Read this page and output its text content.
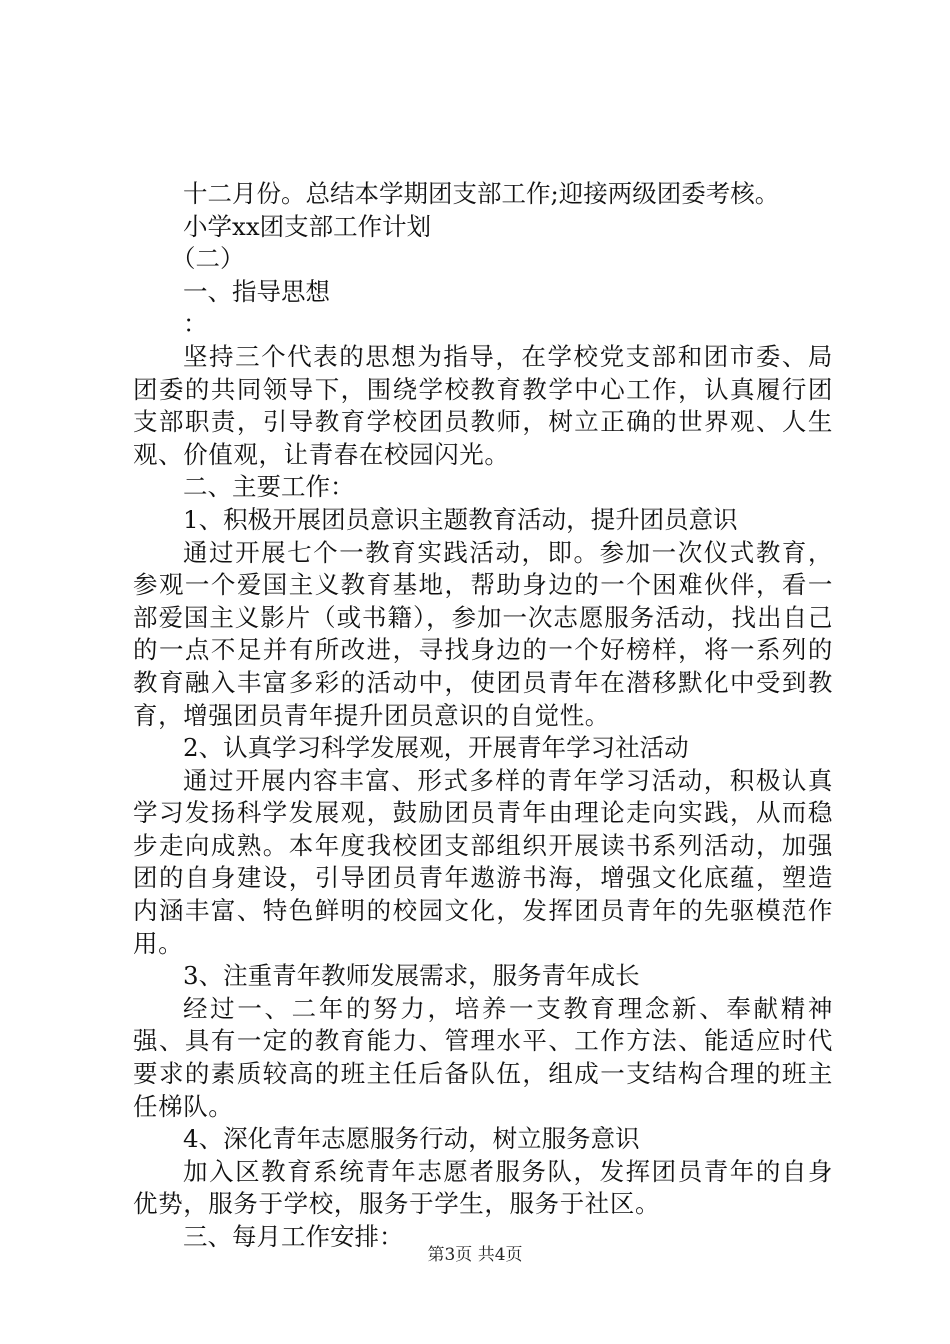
十二月份。总结本学期团支部工作;迎接两级团委考核。
小学xx团支部工作计划
（二）
一、指导思想
：
坚持三个代表的思想为指导，在学校党支部和团市委、局团委的共同领导下，围绕学校教育教学中心工作，认真履行团支部职责，引导教育学校团员教师，树立正确的世界观、人生观、价值观，让青春在校园闪光。
二、主要工作：
1、积极开展团员意识主题教育活动，提升团员意识
通过开展七个一教育实践活动，即。参加一次仪式教育，参观一个爱国主义教育基地，帮助身边的一个困难伙伴，看一部爱国主义影片（或书籍），参加一次志愿服务活动，找出自己的一点不足并有所改进，寻找身边的一个好榜样，将一系列的教育融入丰富多彩的活动中，使团员青年在潜移默化中受到教育，增强团员青年提升团员意识的自觉性。
2、认真学习科学发展观，开展青年学习社活动
通过开展内容丰富、形式多样的青年学习活动，积极认真学习发扬科学发展观，鼓励团员青年由理论走向实践，从而稳步走向成熟。本年度我校团支部组织开展读书系列活动，加强团的自身建设，引导团员青年遨游书海，增强文化底蕴，塑造内涵丰富、特色鲜明的校园文化，发挥团员青年的先驱模范作用。
3、注重青年教师发展需求，服务青年成长
经过一、二年的努力，培养一支教育理念新、奉献精神强、具有一定的教育能力、管理水平、工作方法、能适应时代要求的素质较高的班主任后备队伍，组成一支结构合理的班主任梯队。
4、深化青年志愿服务行动，树立服务意识
加入区教育系统青年志愿者服务队，发挥团员青年的自身优势，服务于学校，服务于学生，服务于社区。
三、每月工作安排：
第3页 共4页
